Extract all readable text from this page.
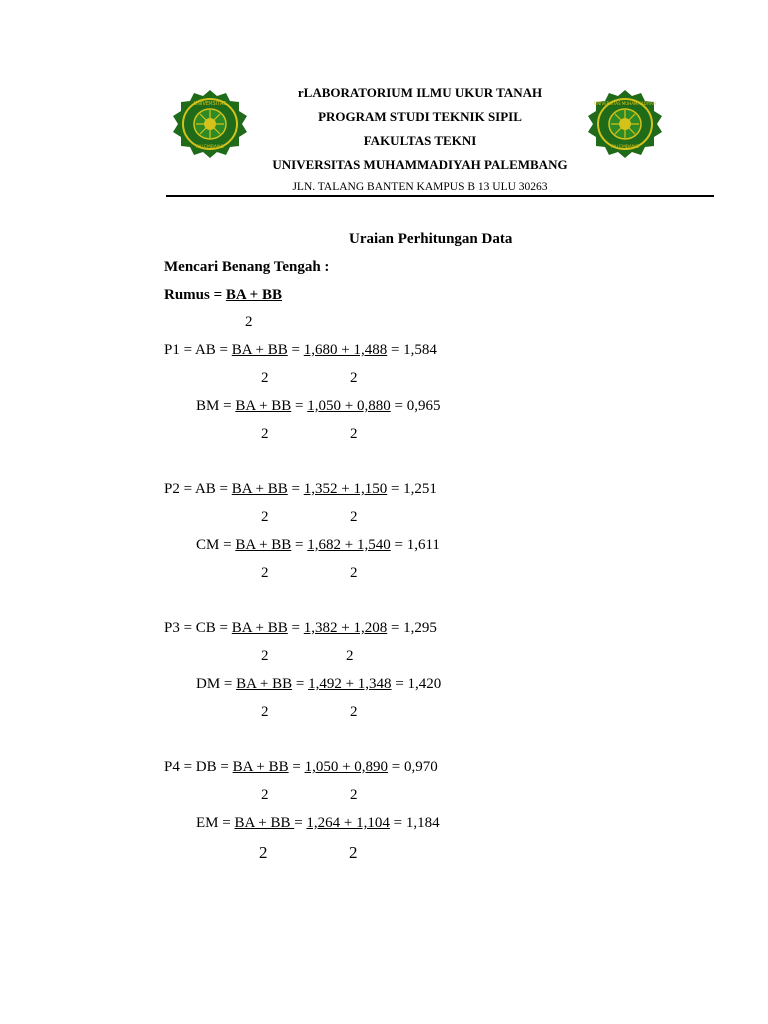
UNIVERSITAS
PALEMBANG
UNIVERSITAS MUHAMMADIYAH
PALEMBANG
rLABORATORIUM ILMU UKUR TANAH
PROGRAM STUDI TEKNIK SIPIL
FAKULTAS TEKNI
UNIVERSITAS MUHAMMADIYAH PALEMBANG
JLN. TALANG BANTEN KAMPUS B 13 ULU 30263
Uraian Perhitungan Data
Mencari Benang Tengah :
Rumus = BA + BB
2
P1 = AB = BA + BB = 1,680 + 1,488 = 1,584
2	2
BM = BA + BB = 1,050 + 0,880 = 0,965
2	2
P2 = AB = BA + BB = 1,352 + 1,150 = 1,251
2	2
CM = BA + BB = 1,682 + 1,540 = 1,611
2	2
P3 = CB = BA + BB = 1,382 + 1,208 = 1,295
2	2
DM = BA + BB = 1,492 + 1,348 = 1,420
2	2
P4 = DB = BA + BB = 1,050 + 0,890 = 0,970
2	2
EM = BA + BB = 1,264 + 1,104 = 1,184
2	2
